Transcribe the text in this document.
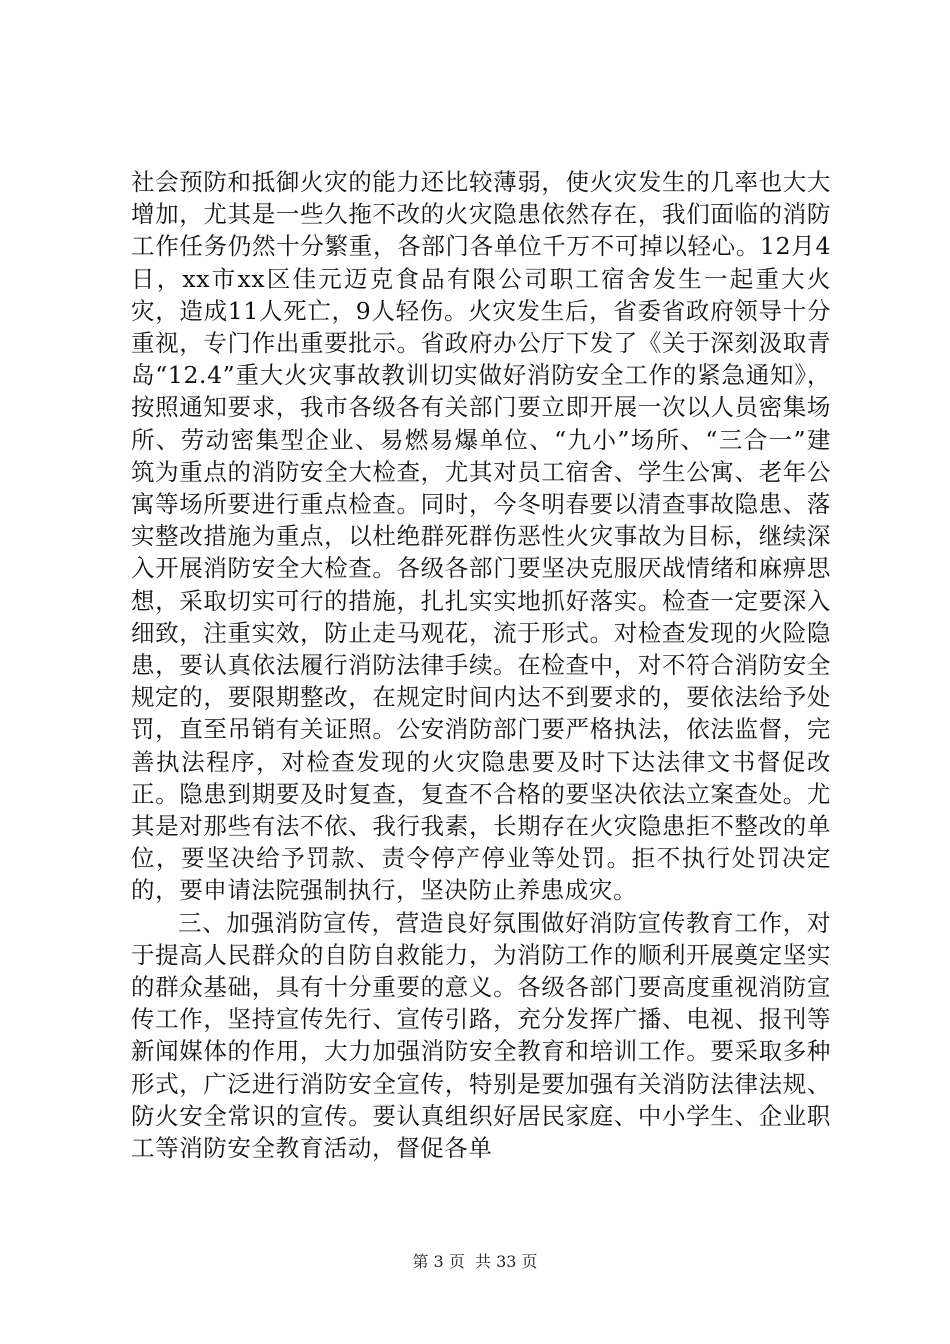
社会预防和抵御火灾的能力还比较薄弱，使火灾发生的几率也大大增加，尤其是一些久拖不改的火灾隐患依然存在，我们面临的消防工作任务仍然十分繁重，各部门各单位千万不可掉以轻心。12月4日，xx市xx区佳元迈克食品有限公司职工宿舍发生一起重大火灾，造成11人死亡，9人轻伤。火灾发生后，省委省政府领导十分重视，专门作出重要批示。省政府办公厅下发了《关于深刻汲取青岛“12.4”重大火灾事故教训切实做好消防安全工作的紧急通知》，按照通知要求，我市各级各有关部门要立即开展一次以人员密集场所、劳动密集型企业、易燃易爆单位、“九小”场所、“三合一”建筑为重点的消防安全大检查，尤其对员工宿舍、学生公寓、老年公寓等场所要进行重点检查。同时，今冬明春要以清查事故隐患、落实整改措施为重点，以杜绝群死群伤恶性火灾事故为目标，继续深入开展消防安全大检查。各级各部门要坚决克服厌战情绪和麻痹思想，采取切实可行的措施，扎扎实实地抓好落实。检查一定要深入细致，注重实效，防止走马观花，流于形式。对检查发现的火险隐患，要认真依法履行消防法律手续。在检查中，对不符合消防安全规定的，要限期整改，在规定时间内达不到要求的，要依法给予处罚，直至吊销有关证照。公安消防部门要严格执法，依法监督，完善执法程序，对检查发现的火灾隐患要及时下达法律文书督促改正。隐患到期要及时复查，复查不合格的要坚决依法立案查处。尤其是对那些有法不依、我行我素，长期存在火灾隐患拒不整改的单位，要坚决给予罚款、责令停产停业等处罚。拒不执行处罚决定的，要申请法院强制执行，坚决防止养患成灾。

三、加强消防宣传，营造良好氛围做好消防宣传教育工作，对于提高人民群众的自防自救能力，为消防工作的顺利开展奠定坚实的群众基础，具有十分重要的意义。各级各部门要高度重视消防宣传工作，坚持宣传先行、宣传引路，充分发挥广播、电视、报刊等新闻媒体的作用，大力加强消防安全教育和培训工作。要采取多种形式，广泛进行消防安全宣传，特别是要加强有关消防法律法规、防火安全常识的宣传。要认真组织好居民家庭、中小学生、企业职工等消防安全教育活动，督促各单

第 3 页  共 33 页
